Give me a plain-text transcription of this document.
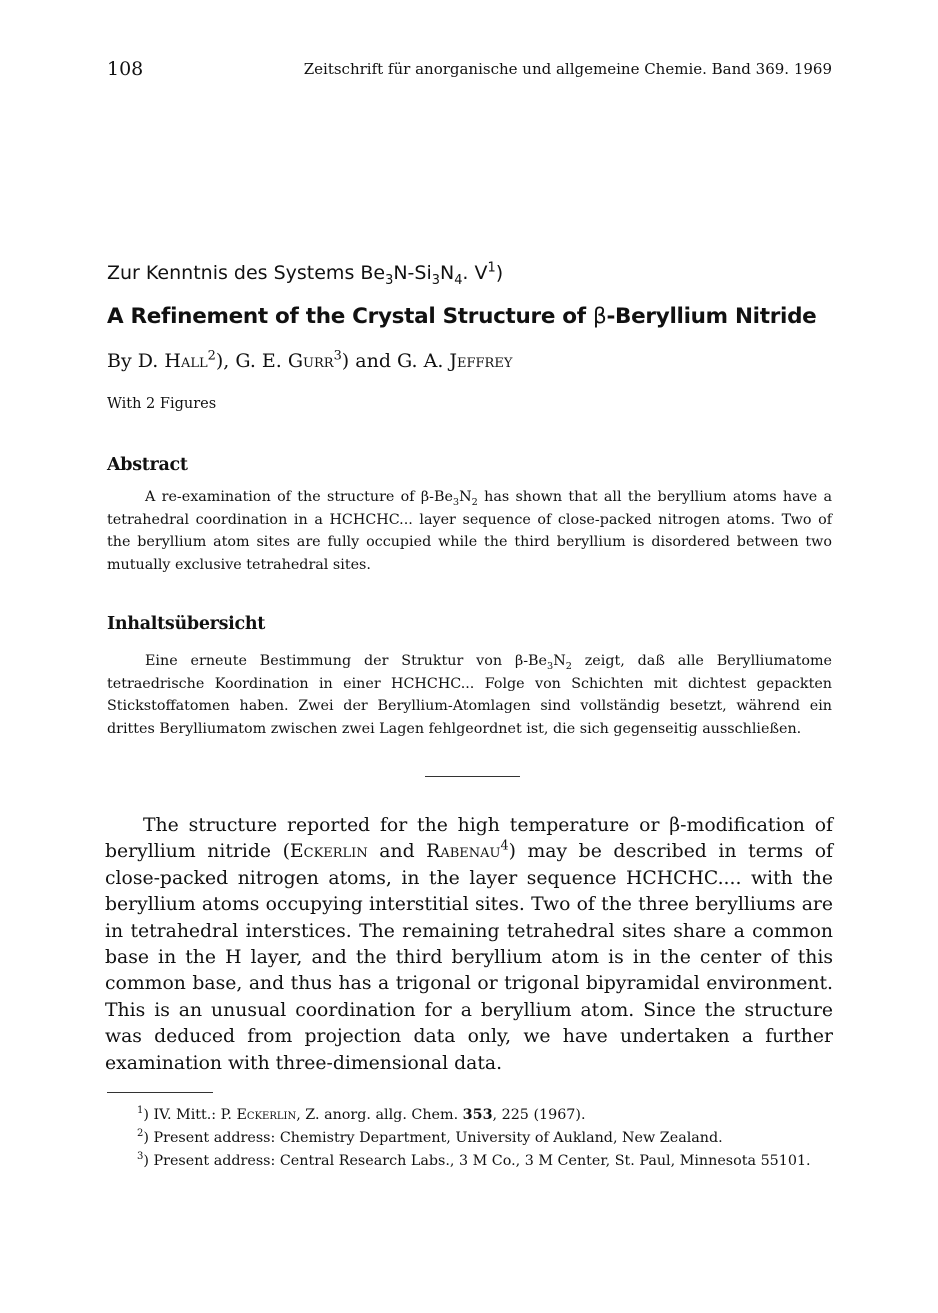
108	Zeitschrift für anorganische und allgemeine Chemie. Band 369. 1969
Zur Kenntnis des Systems $Be_3N-Si_3N_4$. $V^1$)
A Refinement of the Crystal Structure of β-Beryllium Nitride
By D. Hall$^2$), G. E. Gurr$^3$) and G. A. Jeffrey
With 2 Figures
Abstract
A re-examination of the structure of $\beta-Be_3N_2$ has shown that all the beryllium atoms have a tetrahedral coordination in a HCHCHC... layer sequence of close-packed nitrogen atoms. Two of the beryllium atom sites are fully occupied while the third beryllium is disordered between two mutually exclusive tetrahedral sites.
Inhaltsübersicht
Eine erneute Bestimmung der Struktur von $\beta-Be_3N_2$ zeigt, daß alle Berylliumatome tetraedrische Koordination in einer HCHCHC... Folge von Schichten mit dichtest gepackten Stickstoffatomen haben. Zwei der Beryllium-Atomlagen sind vollständig besetzt, während ein drittes Berylliumatom zwischen zwei Lagen fehlgeordnet ist, die sich gegenseitig ausschließen.
The structure reported for the high temperature or β-modification of beryllium nitride (Eckerlin and Rabenau$^4$) may be described in terms of close-packed nitrogen atoms, in the layer sequence HCHCHC.... with the beryllium atoms occupying interstitial sites. Two of the three berylliums are in tetrahedral interstices. The remaining tetrahedral sites share a common base in the H layer, and the third beryllium atom is in the center of this common base, and thus has a trigonal or trigonal bipyramidal environment. This is an unusual coordination for a beryllium atom. Since the structure was deduced from projection data only, we have undertaken a further examination with three-dimensional data.
$^1$) IV. Mitt.: P. Eckerlin, Z. anorg. allg. Chem. 353, 225 (1967).
$^2$) Present address: Chemistry Department, University of Aukland, New Zealand.
$^3$) Present address: Central Research Labs., 3 M Co., 3 M Center, St. Paul, Minnesota 55101.
